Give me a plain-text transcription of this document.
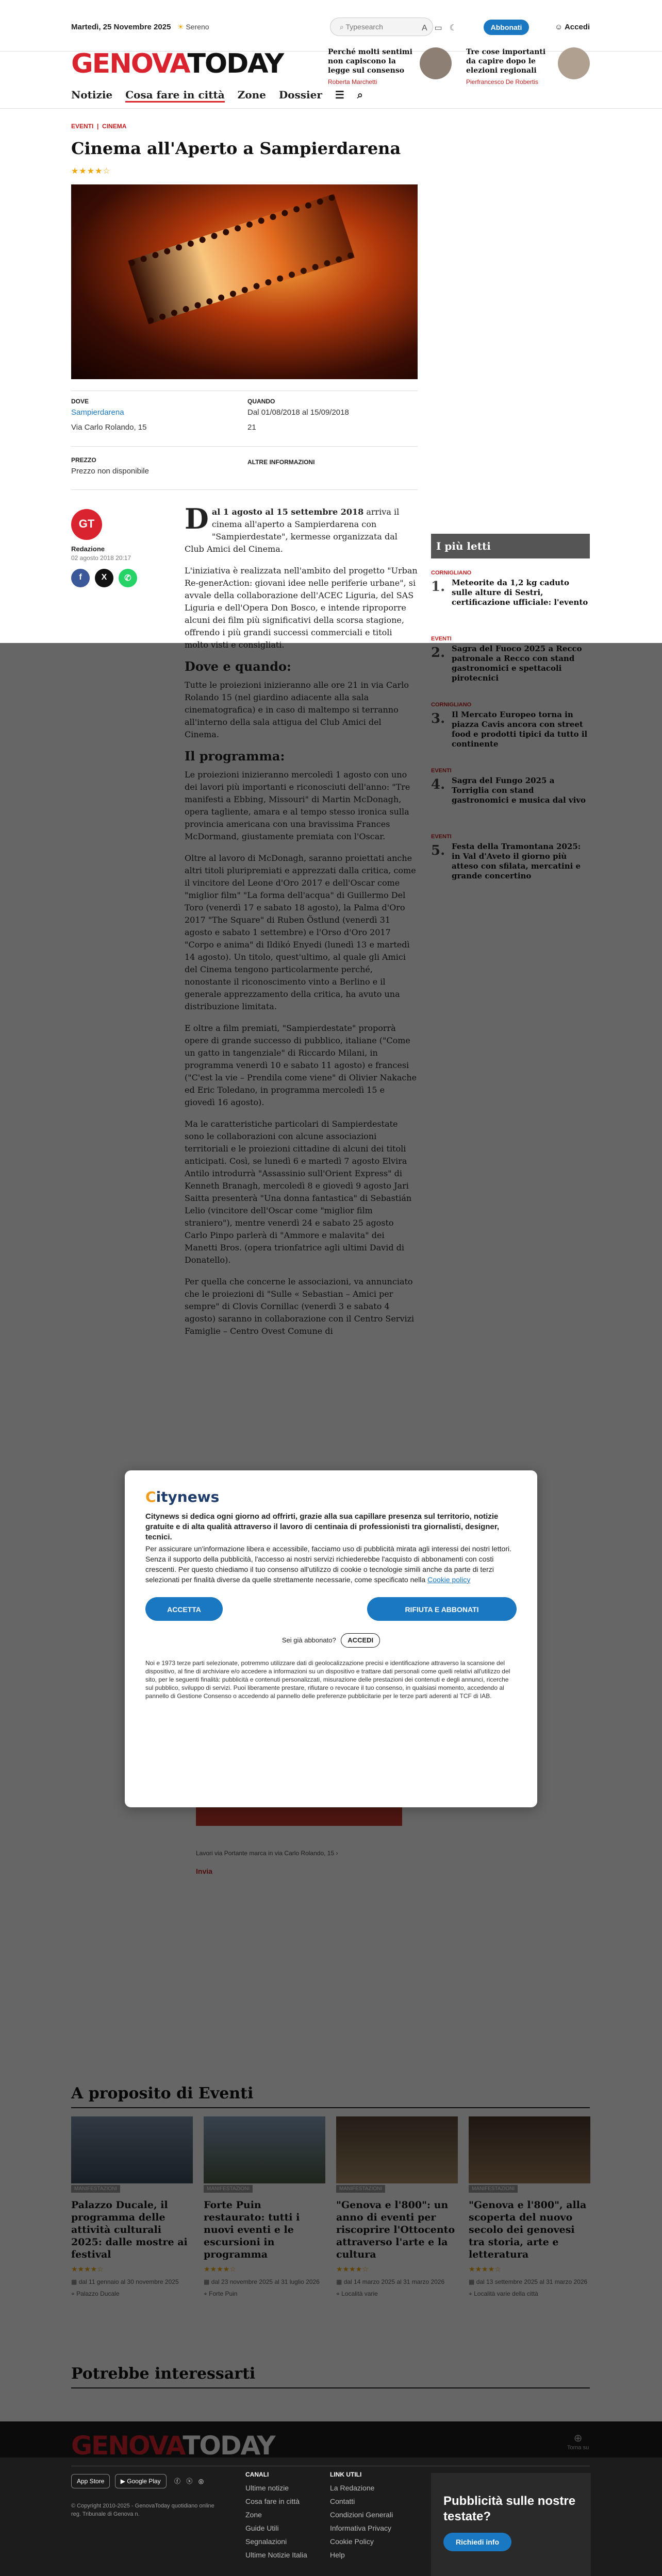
Martedì, 25 Novembre 2025 ☀ Sereno	⌕ Typesearch	A▭☾	Abbonati	☺ Accedi
GENOVATODAY	Perché molti sentimi non capiscono la legge sul consenso
Roberta Marchetti
Tre cose importanti da capire dopo le elezioni regionali
Pierfrancesco De Robertis
Notizie Cosa fare in città Zone Dossier ☰ ⌕
EVENTI  |  CINEMA
Cinema all'Aperto a Sampierdarena
★★★★☆
DOVE
Sampierdarena
Via Carlo Rolando, 15
QUANDO
Dal 01/08/2018 al 15/09/2018
21
PREZZO
Prezzo non disponibile
ALTRE INFORMAZIONI
GT
Redazione
02 agosto 2018 20:17
f	X	✆

Dal 1 agosto al 15 settembre 2018 arriva il cinema all'aperto a Sampierdarena con "Sampierdestate", kermesse organizzata dal Club Amici del Cinema.

L'iniziativa è realizzata nell'ambito del progetto "Urban Re-generAction: giovani idee nelle periferie urbane", si avvale della collaborazione dell'ACEC Liguria, del SAS Liguria e dell'Opera Don Bosco, e intende riproporre alcuni dei film più significativi della scorsa stagione, offrendo i più grandi successi commerciali e titoli

I più letti
CORNIGLIANO
1. Meteorite da 1,2 kg caduto sulle alture di Sestri, certificazione ufficiale: l'evento
EVENTI
App Store	▶ Google Play ⓕ ⓧ ◎
© Copyright 2010-2025 - GenovaToday quotidiano online reg. Tribunale di Genova n.
CANALI
Ultime notizie
Cosa fare in città
Zone
Guide Utili
Segnalazioni
Ultime Notizie Italia
LINK UTILI
La Redazione
Contatti
Condizioni Generali
Informativa Privacy
Cookie Policy
Help
Pubblicità sulle nostre testate?
Richiedi info
Citynews
Citynews si dedica ogni giorno ad offrirti, grazie alla sua capillare presenza sul territorio, notizie gratuite e di alta qualità attraverso il lavoro di centinaia di professionisti tra giornalisti, designer, tecnici.
Per assicurare un'informazione libera e accessibile, facciamo uso di pubblicità mirata agli interessi dei nostri lettori.
Senza il supporto della pubblicità, l'accesso ai nostri servizi richiederebbe l'acquisto di abbonamenti con costi crescenti. Per questo chiediamo il tuo consenso all'utilizzo di cookie o tecnologie simili anche da parte di terzi selezionati per finalità diverse da quelle strettamente necessarie, come specificato nella Cookie policy
ACCETTA	RIFIUTA E ABBONATI
Sei già abbonato? ACCEDI
Noi e 1973 terze parti selezionate, potremmo utilizzare dati di geolocalizzazione precisi e identificazione attraverso la scansione del dispositivo, al fine di archiviare e/o accedere a informazioni su un dispositivo e trattare dati personali come quelli relativi all'utilizzo del sito, per le seguenti finalità: pubblicità e contenuti personalizzati, misurazione delle prestazioni dei contenuti e degli annunci, ricerche sul pubblico, sviluppo di servizi. Puoi liberamente prestare, rifiutare o revocare il tuo consenso, in qualsiasi momento, accedendo al pannello di Gestione Consenso o accedendo al pannello delle preferenze pubblicitarie per le terze parti aderenti al TCF di IAB.
